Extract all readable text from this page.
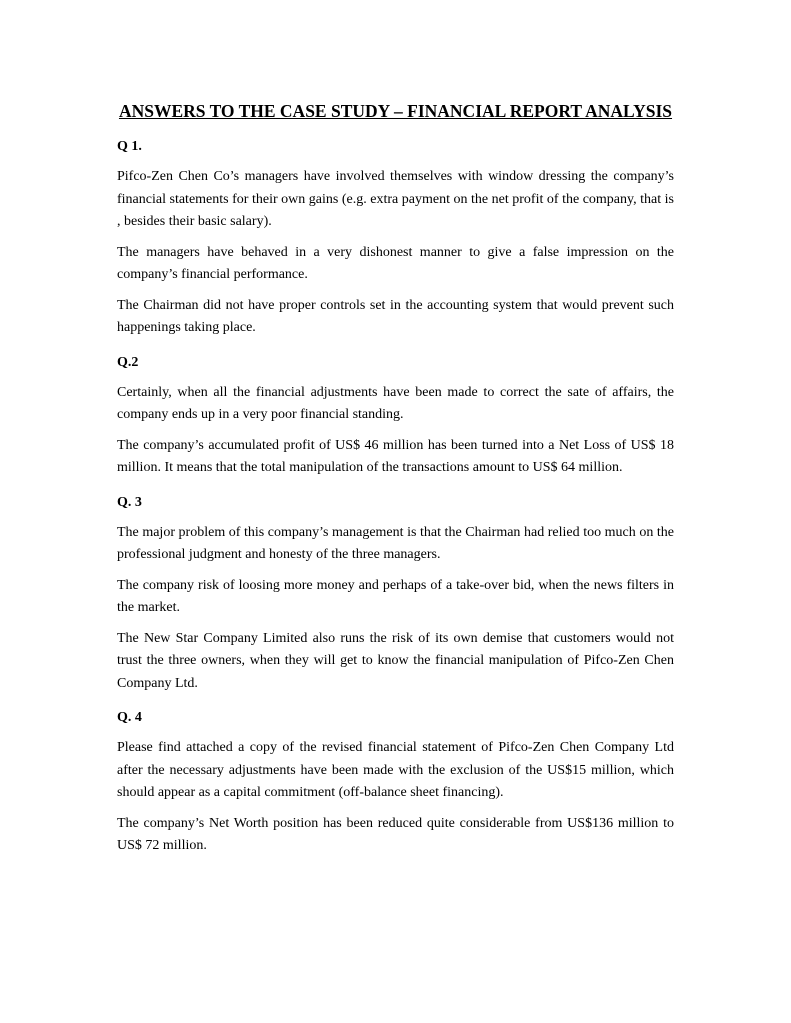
ANSWERS TO THE CASE STUDY – FINANCIAL REPORT ANALYSIS
Q 1.

Pifco-Zen Chen Co’s managers have involved themselves with window dressing the company’s financial statements for their own gains (e.g. extra payment on the net profit of the company, that is , besides their basic salary).

The managers have behaved in a very dishonest manner to give a false impression on the company’s financial performance.

The Chairman did not have proper controls set in the accounting system that would prevent such happenings taking place.

Q.2

Certainly, when all the financial adjustments have been made to correct the sate of affairs, the company ends up in a very poor financial standing.

The company’s accumulated profit of US$ 46 million has been turned into a Net Loss of US$ 18 million. It means that the total manipulation of the transactions amount to US$ 64 million.

Q. 3

The major problem of this company’s management is that the Chairman had relied too much on the professional judgment and honesty of the three managers.

The company risk of loosing more money and perhaps of a take-over bid, when the news filters in the market.

The New Star Company Limited also runs the risk of its own demise that customers would not trust the three owners, when they will get to know the financial manipulation of Pifco-Zen Chen Company Ltd.

Q. 4

Please find attached a copy of the revised financial statement of Pifco-Zen Chen Company Ltd after the necessary adjustments have been made with the exclusion of the US$15 million, which should appear as a capital commitment (off-balance sheet financing).

The company’s Net Worth position has been reduced quite considerable from US$136 million to US$ 72 million.
